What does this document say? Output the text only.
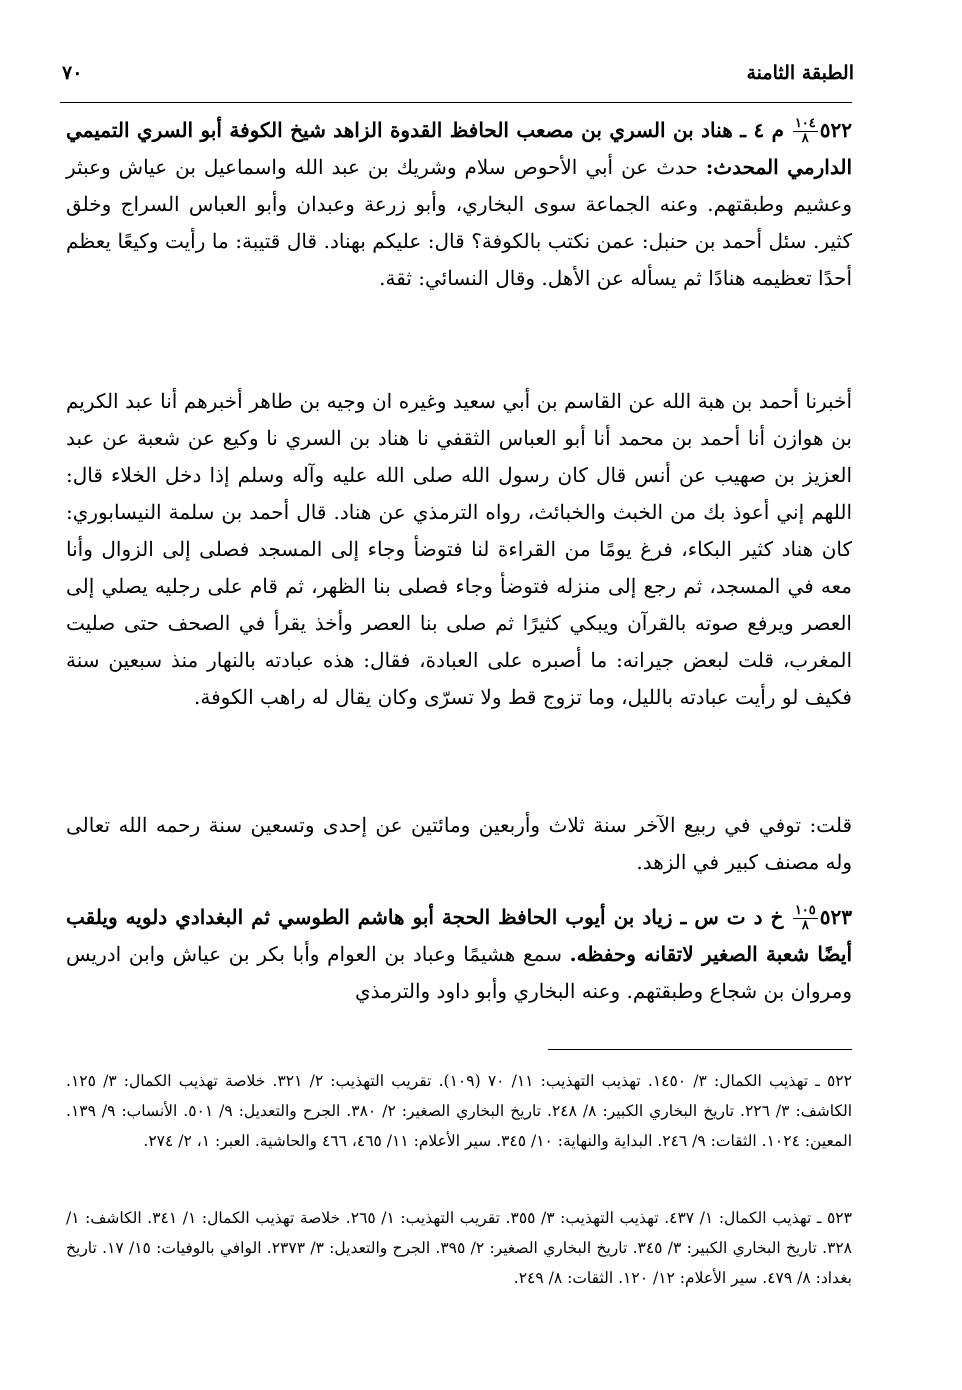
الطبقة الثامنة
٧٠

٥٢٢
$\frac{١٠٤}{٨}$
م ٤ ـ هناد بن السري بن مصعب الحافظ القدوة الزاهد شيخ الكوفة أبو السري التميمي الدارمي المحدث: حدث عن أبي الأحوص سلام وشريك بن عبد الله واسماعيل بن عياش وعبثر وعشيم وطبقتهم. وعنه الجماعة سوى البخاري، وأبو زرعة وعبدان وأبو العباس السراج وخلق كثير. سئل أحمد بن حنبل: عمن نكتب بالكوفة؟ قال: عليكم بهناد. قال قتيبة: ما رأيت وكيعًا يعظم أحدًا تعظيمه هنادًا ثم يسأله عن الأهل. وقال النسائي: ثقة.

أخبرنا أحمد بن هبة الله عن القاسم بن أبي سعيد وغيره ان وجيه بن طاهر أخبرهم أنا عبد الكريم بن هوازن أنا أحمد بن محمد أنا أبو العباس الثقفي نا هناد بن السري نا وكيع عن شعبة عن عبد العزيز بن صهيب عن أنس قال كان رسول الله صلى الله عليه وآله وسلم إذا دخل الخلاء قال: اللهم إني أعوذ بك من الخبث والخبائث، رواه الترمذي عن هناد. قال أحمد بن سلمة النيسابوري: كان هناد كثير البكاء، فرغ يومًا من القراءة لنا فتوضأ وجاء إلى المسجد فصلى إلى الزوال وأنا معه في المسجد، ثم رجع إلى منزله فتوضأ وجاء فصلى بنا الظهر، ثم قام على رجليه يصلي إلى العصر ويرفع صوته بالقرآن ويبكي كثيرًا ثم صلى بنا العصر وأخذ يقرأ في الصحف حتى صليت المغرب، قلت لبعض جيرانه: ما أصبره على العبادة، فقال: هذه عبادته بالنهار منذ سبعين سنة فكيف لو رأيت عبادته بالليل، وما تزوج قط ولا تسرّى وكان يقال له راهب الكوفة.

قلت: توفي في ربيع الآخر سنة ثلاث وأربعين ومائتين عن إحدى وتسعين سنة رحمه الله تعالى وله مصنف كبير في الزهد.

٥٢٣
$\frac{١٠٥}{٨}$
خ د ت س ـ زياد بن أيوب الحافظ الحجة أبو هاشم الطوسي ثم البغدادي دلويه ويلقب أيضًا شعبة الصغير لاتقانه وحفظه. سمع هشيمًا وعباد بن العوام وأبا بكر بن عياش وابن ادريس ومروان بن شجاع وطبقتهم. وعنه البخاري وأبو داود والترمذي

٥٢٢ ـ تهذيب الكمال: ٣/ ١٤٥٠. تهذيب التهذيب: ١١/ ٧٠ (١٠٩). تقريب التهذيب: ٢/ ٣٢١. خلاصة تهذيب الكمال: ٣/ ١٢٥. الكاشف: ٣/ ٢٢٦. تاريخ البخاري الكبير: ٨/ ٢٤٨. تاريخ البخاري الصغير: ٢/ ٣٨٠. الجرح والتعديل: ٩/ ٥٠١. الأنساب: ٩/ ١٣٩. المعين: ١٠٢٤. الثقات: ٩/ ٢٤٦. البداية والنهاية: ١٠/ ٣٤٥. سير الأعلام: ١١/ ٤٦٥، ٤٦٦ والحاشية. العبر: ١، ٢/ ٢٧٤.

٥٢٣ ـ تهذيب الكمال: ١/ ٤٣٧. تهذيب التهذيب: ٣/ ٣٥٥. تقريب التهذيب: ١/ ٢٦٥. خلاصة تهذيب الكمال: ١/ ٣٤١. الكاشف: ١/ ٣٢٨. تاريخ البخاري الكبير: ٣/ ٣٤٥. تاريخ البخاري الصغير: ٢/ ٣٩٥. الجرح والتعديل: ٣/ ٢٣٧٣. الوافي بالوفيات: ١٥/ ١٧. تاريخ بغداد: ٨/ ٤٧٩. سير الأعلام: ١٢/ ١٢٠. الثقات: ٨/ ٢٤٩.
